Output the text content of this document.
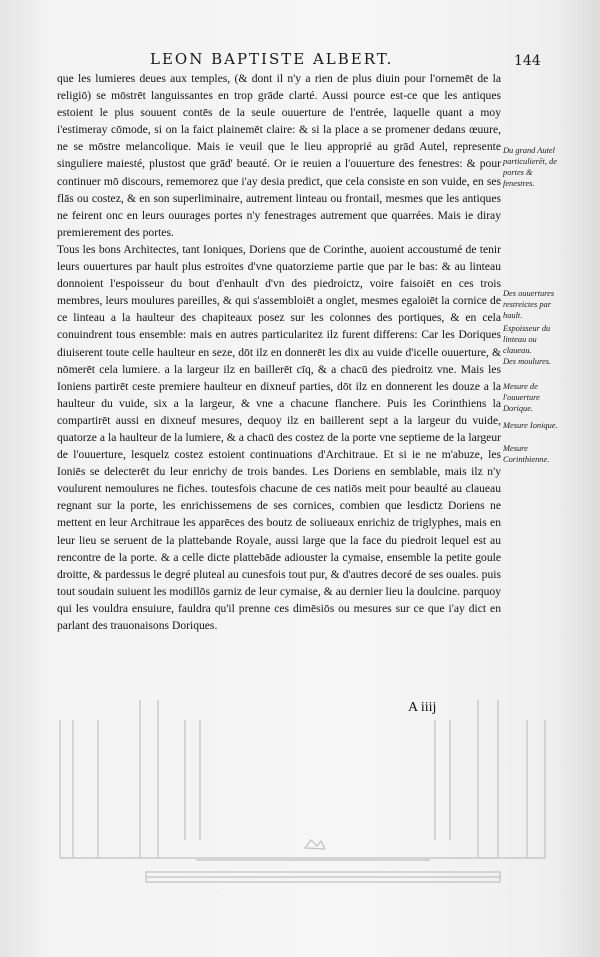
LEON BAPTISTE ALBERT.	144

que les lumieres deues aux temples, (& dont il n'y a rien de plus diuin pour l'ornemēt de la religiō) se mōstrēt languissantes en trop grāde clarté. Aussi pource est-ce que les antiques estoient le plus souuent contēs de la seule ouuerture de l'entrée, laquelle quant a moy i'estimeray cōmode, si on la faict plainemēt claire: & si la place a se promener dedans œuure, ne se mōstre melancolique. Mais ie veuil que le lieu approprié au grād Autel, represente singuliere maiesté, plustost que grād' beauté. Or ie reuien a l'ouuerture des fenestres: & pour continuer mō discours, rememorez que i'ay desia predict, que cela consiste en son vuide, en ses flās ou costez, & en son superliminaire, autrement linteau ou frontail, mesmes que les antiques ne feirent onc en leurs ouurages portes n'y fenestrages autrement que quarrées. Mais ie diray premierement des portes.

Tous les bons Architectes, tant Ioniques, Doriens que de Corinthe, auoient accoustumé de tenir leurs ouuertures par hault plus estroites d'vne quatorzieme partie que par le bas: & au linteau donnoient l'espoisseur du bout d'enhault d'vn des piedroictz, voire faisoiēt en ces trois membres, leurs moulures pareilles, & qui s'assembloiēt a onglet, mesmes egaloiēt la cornice de ce linteau a la haulteur des chapiteaux posez sur les colonnes des portiques, & en cela conuindrent tous ensemble: mais en autres particularitez ilz furent differens: Car les Doriques diuiserent toute celle haulteur en seze, dōt ilz en donnerēt les dix au vuide d'icelle ouuerture, & nōmerēt cela lumiere. a la largeur ilz en baillerēt cīq, & a chacū des piedroitz vne. Mais les Ioniens partirēt ceste premiere haulteur en dixneuf parties, dōt ilz en donnerent les douze a la haulteur du vuide, six a la largeur, & vne a chacune flanchere. Puis les Corinthiens la compartirēt aussi en dixneuf mesures, dequoy ilz en baillerent sept a la largeur du vuide, quatorze a la haulteur de la lumiere, & a chacū des costez de la porte vne septieme de la largeur de l'ouuerture, lesquelz costez estoient continuations d'Architraue. Et si ie ne m'abuze, les Ioniēs se delecterēt du leur enrichy de trois bandes. Les Doriens en semblable, mais ilz n'y voulurent nemoulures ne fiches. toutesfois chacune de ces natiōs meit pour beaulté au claueau regnant sur la porte, les enrichissemens de ses cornices, combien que lesdictz Doriens ne mettent en leur Architraue les apparēces des boutz de soliueaux enrichiz de triglyphes, mais en leur lieu se seruent de la plattebande Royale, aussi large que la face du piedroit lequel est au rencontre de la porte. & a celle dicte plattebāde adiouster la cymaise, ensemble la petite goule droitte, & pardessus le degré pluteal au cunesfois tout pur, & d'autres decoré de ses ouales. puis tout soudain suiuent les modillōs garniz de leur cymaise, & au dernier lieu la doulcine. parquoy qui les vouldra ensuiure, fauldra qu'il prenne ces dimēsiōs ou mesures sur ce que i'ay dict en parlant des trauonaisons Doriques.

Du grand Autel particulierēt, de portes & fenestres.
Des ouuertures restreictes par hault.
Espoisseur du linteau ou claueau.
Des moulures.
Mesure de l'ouuerture Dorique.
Mesure Ionique.
Mesure Corinthienne.
A iiij
